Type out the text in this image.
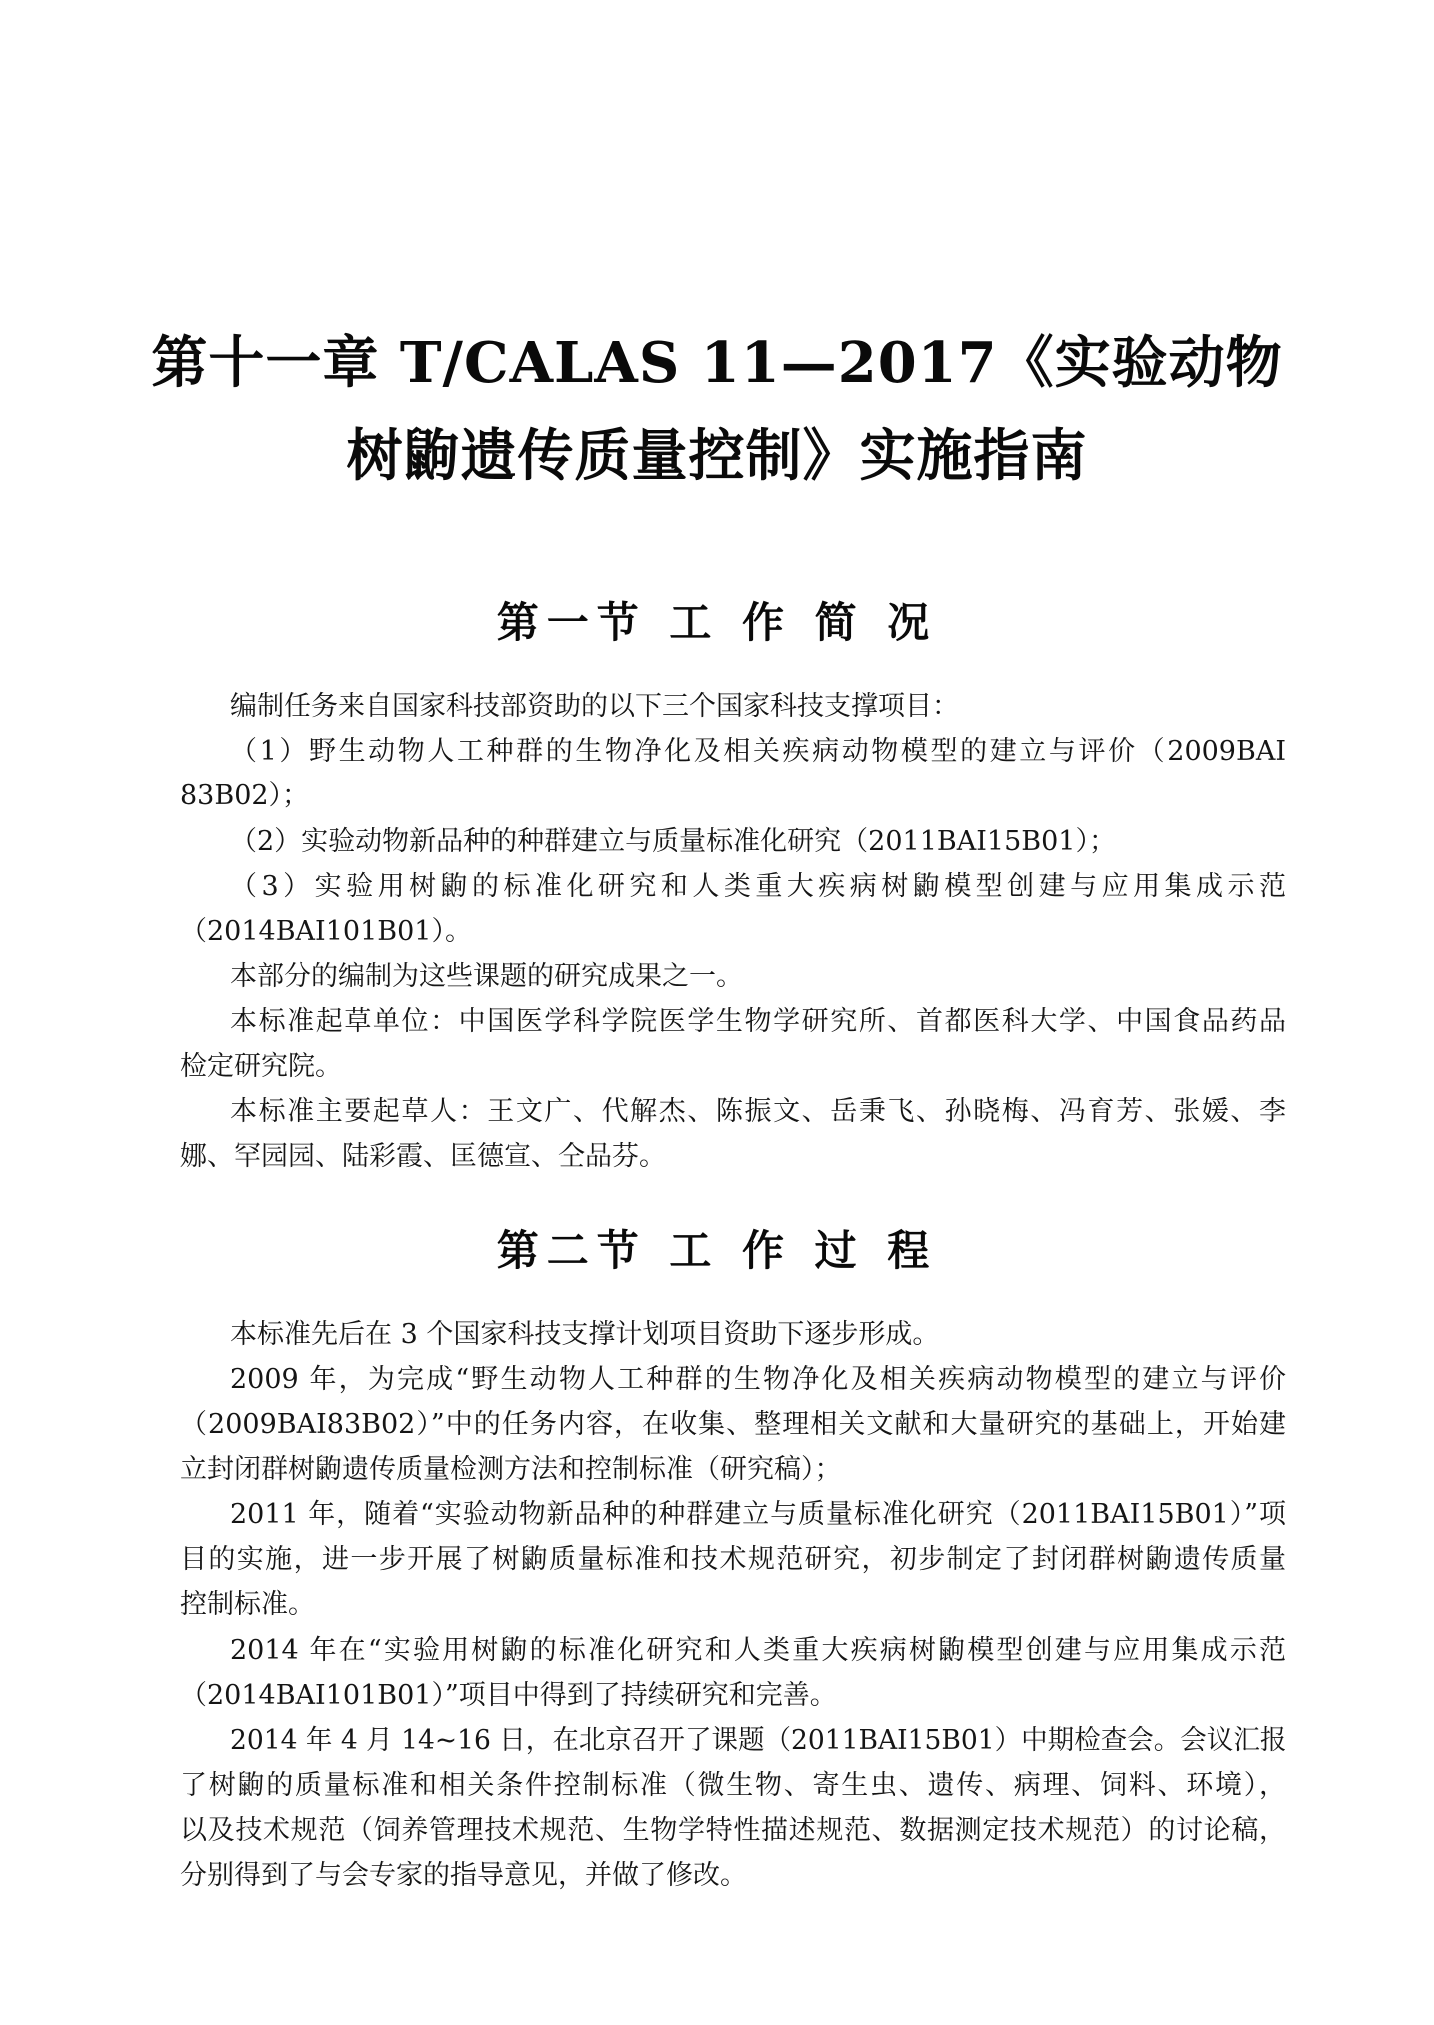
第十一章 T/CALAS 11—2017《实验动物
树鼩遗传质量控制》实施指南
第一节 工 作 简 况
编制任务来自国家科技部资助的以下三个国家科技支撑项目：
（1）野生动物人工种群的生物净化及相关疾病动物模型的建立与评价（2009BAI
83B02）；
（2）实验动物新品种的种群建立与质量标准化研究（2011BAI15B01）；
（3）实验用树鼩的标准化研究和人类重大疾病树鼩模型创建与应用集成示范
（2014BAI101B01）。
本部分的编制为这些课题的研究成果之一。
本标准起草单位：中国医学科学院医学生物学研究所、首都医科大学、中国食品药品
检定研究院。
本标准主要起草人：王文广、代解杰、陈振文、岳秉飞、孙晓梅、冯育芳、张媛、李
娜、罕园园、陆彩霞、匡德宣、仝品芬。
第二节 工 作 过 程
本标准先后在 3 个国家科技支撑计划项目资助下逐步形成。
2009 年，为完成“野生动物人工种群的生物净化及相关疾病动物模型的建立与评价
（2009BAI83B02）”中的任务内容，在收集、整理相关文献和大量研究的基础上，开始建
立封闭群树鼩遗传质量检测方法和控制标准（研究稿）；
2011 年，随着“实验动物新品种的种群建立与质量标准化研究（2011BAI15B01）”项
目的实施，进一步开展了树鼩质量标准和技术规范研究，初步制定了封闭群树鼩遗传质量
控制标准。
2014 年在“实验用树鼩的标准化研究和人类重大疾病树鼩模型创建与应用集成示范
（2014BAI101B01）”项目中得到了持续研究和完善。
2014 年 4 月 14~16 日，在北京召开了课题（2011BAI15B01）中期检查会。会议汇报
了树鼩的质量标准和相关条件控制标准（微生物、寄生虫、遗传、病理、饲料、环境），
以及技术规范（饲养管理技术规范、生物学特性描述规范、数据测定技术规范）的讨论稿，
分别得到了与会专家的指导意见，并做了修改。
